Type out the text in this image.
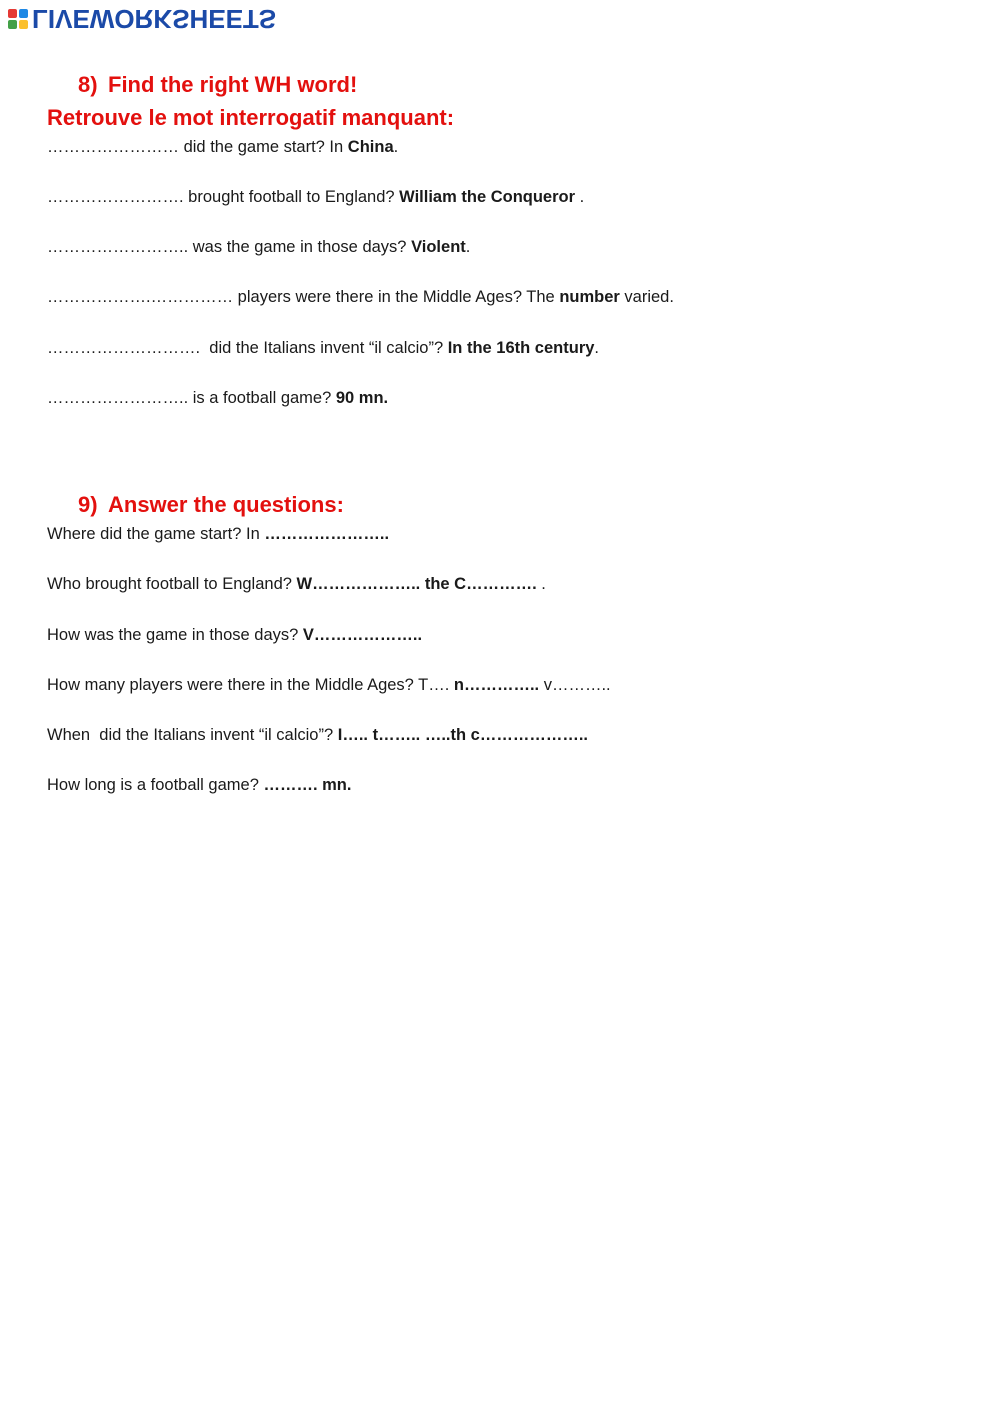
LIVEWORKSHEETS
8) Find the right WH word!
Retrouve le mot interrogatif manquant:
…………………… did the game start? In China.
……………………. brought football to England? William the Conqueror .
…………………….. was the game in those days? Violent.
……………….…………… players were there in the Middle Ages? The number varied.
……………………….  did the Italians invent “il calcio”? In the 16th century.
…………………….. is a football game? 90 mn.
9) Answer the questions:
Where did the game start? In …………………..
Who brought football to England? W……………….. the C…………. .
How was the game in those days? V………………..
How many players were there in the Middle Ages? T…. n………….. v………..
When  did the Italians invent “il calcio”? I….. t…….. …..th c………………..
How long is a football game? ………. mn.
